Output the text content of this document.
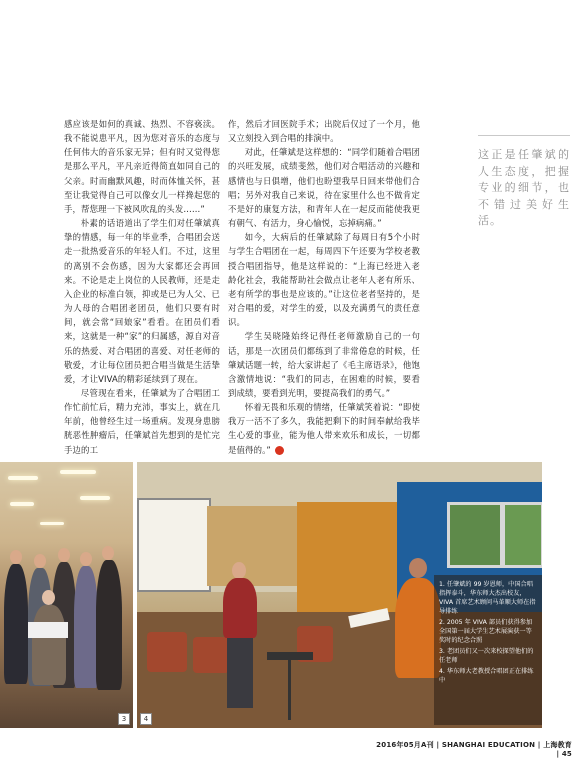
感应该是如何的真诚、热烈、不容亵渎。我不能说患平凡，因为您对音乐的态度与任何伟大的音乐家无异；但有时又觉得您是那么平凡，平凡亲近得简直如同自己的父亲。时而幽默风趣，时而体恤关怀，甚至让我觉得自己可以像女儿一样搀起您的手，帮您理一下被风吹乱的头发……”

朴素的话语道出了学生们对任肇斌真挚的情感，每一年的毕业季，合唱团会送走一批热爱音乐的年轻人们。不过，这里的离别不会伤感，因为大家都还会再回来。不论是走上岗位的人民教师，还是走入企业的标准白领，抑或是已为人父、已为人母的合唱团老团员，他们只要有时间，就会常“回娘家”看看。在团员们看来，这就是一种“家”的归属感，源自对音乐的热爱、对合唱团的喜爱、对任老师的敬爱，才让每位团员把合唱当做是生活挚爱，才让VIVA的精彩延续到了现在。

尽管现在看来，任肇斌为了合唱团工作忙前忙后，精力充沛，事实上，就在几年前，他曾经生过一场重病。发现身患膀胱恶性肿瘤后，任肇斌首先想到的是忙完手边的工

作，然后才回医院手术；出院后仅过了一个月，他又立刻投入到合唱的排演中。

对此，任肇斌是这样想的：“同学们随着合唱团的兴旺发展，成绩斐然，他们对合唱活动的兴趣和感情也与日俱增，他们也盼望我早日回来带他们合唱；另外对我自己来说，待在家里什么也不做肯定不是好的康复方法，和青年人在一起反而能使我更有朝气、有活力，身心愉悦，忘掉病痛。”

如今，大病后的任肇斌除了每周日有5个小时与学生合唱团在一起，每周四下午还要为学校老教授合唱团指导，他是这样说的：“上海已经进入老龄化社会，我能帮助社会做点让老年人老有所乐、老有所学的事也是应该的。”让这位老者坚持的，是对合唱的爱，对学生的爱，以及充满勇气的责任意识。

学生吴晓隆始终记得任老师激励自己的一句话，那是一次团员们都练到了非常倦怠的时候，任肇斌话题一转，给大家讲起了《毛主席语录》，他饱含激情地说：“我们的同志，在困难的时候，要看到成绩，要看到光明，要提高我们的勇气。”

怀着无畏和乐观的情绪，任肇斌笑着说：“即使我万一活不了多久，我能把剩下的时间奉献给我毕生心爱的事业，能为他人带来欢乐和成长，一切都是值得的。”	✿

这正是任肇斌的人生态度，把握专业的细节，也不错过美好生活。
3	4

1. 任肇斌的 99 岁恩师，中国合唱指挥泰斗，华东师大杰出校友，VIVA 首席艺术顾问马革顺大师在指导排练

2. 2005 年 VIVA 部员们获得参加全国第一届大学生艺术展演获一等奖时的纪念合照

3. 老团员们又一次来校探望他们的任老师

4. 华东师大老教授合唱团正在排练中

2016年05月A刊 | SHANGHAI EDUCATION | 上海教育 | 45
